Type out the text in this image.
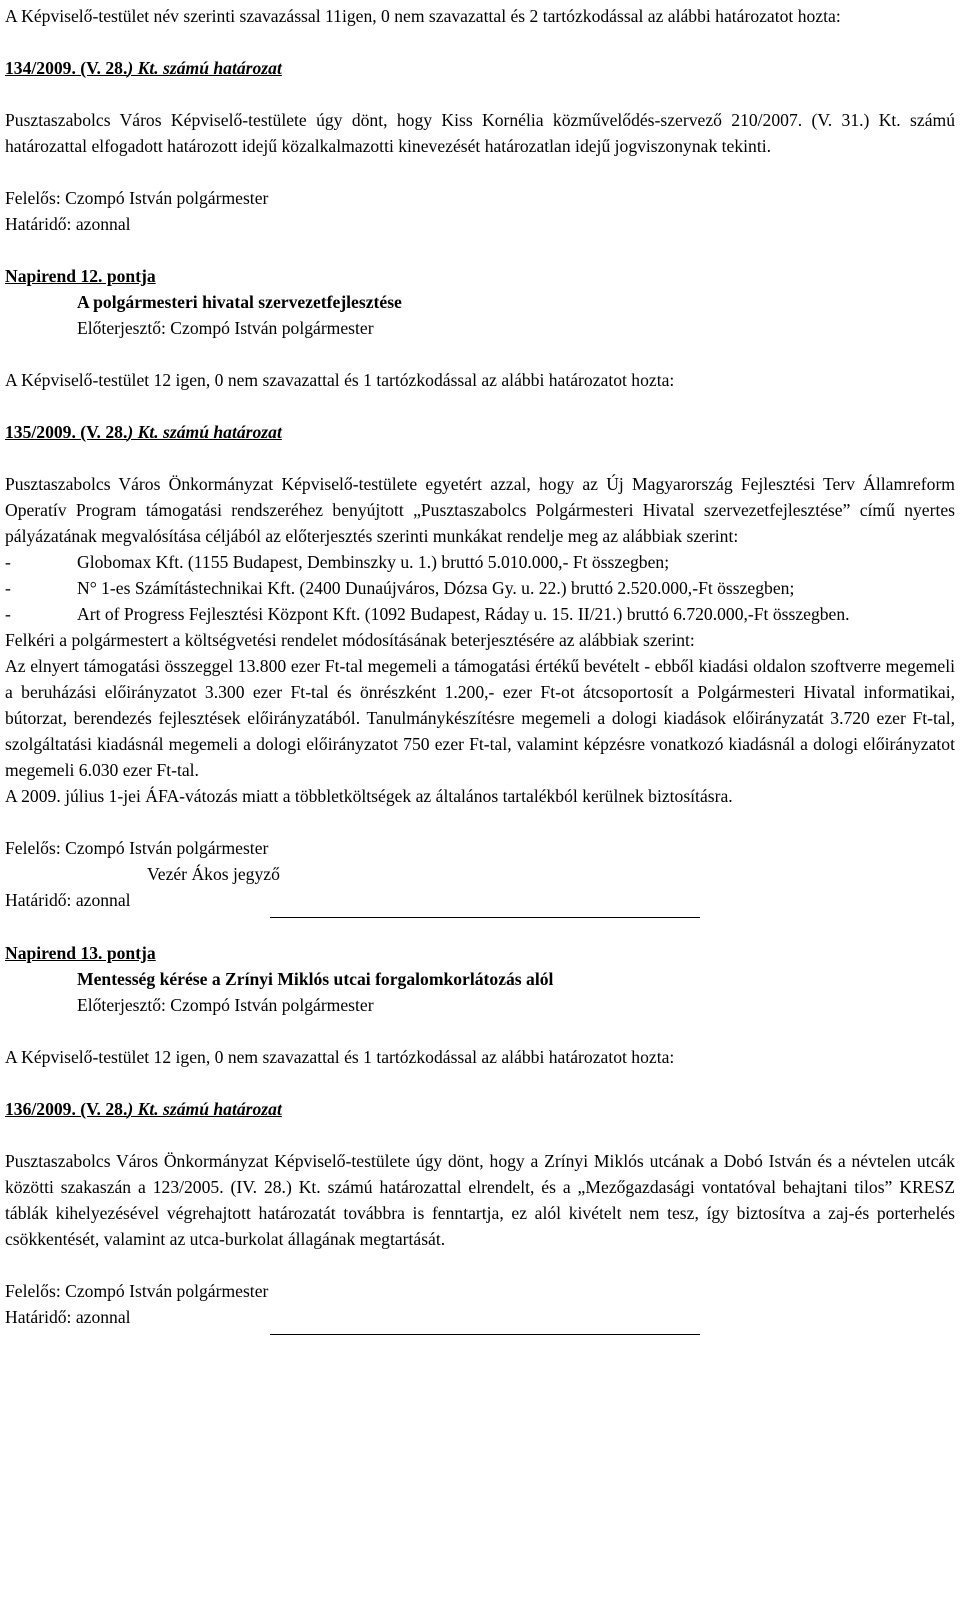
A Képviselő-testület név szerinti szavazással 11igen, 0 nem szavazattal és 2 tartózkodással az alábbi határozatot hozta:

134/2009. (V. 28.) Kt. számú határozat

Pusztaszabolcs Város Képviselő-testülete úgy dönt, hogy Kiss Kornélia közművelődés-szervező 210/2007. (V. 31.) Kt. számú határozattal elfogadott határozott idejű közalkalmazotti kinevezését határozatlan idejű jogviszonynak tekinti.

Felelős: Czompó István polgármester

Határidő: azonnal

Napirend 12. pontja

A polgármesteri hivatal szervezetfejlesztése

Előterjesztő: Czompó István polgármester

A Képviselő-testület 12 igen, 0 nem szavazattal és 1 tartózkodással az alábbi határozatot hozta:

135/2009. (V. 28.) Kt. számú határozat

Pusztaszabolcs Város Önkormányzat Képviselő-testülete egyetért azzal, hogy az Új Magyarország Fejlesztési Terv Államreform Operatív Program támogatási rendszeréhez benyújtott „Pusztaszabolcs Polgármesteri Hivatal szervezetfejlesztése” című nyertes pályázatának megvalósítása céljából az előterjesztés szerinti munkákat rendelje meg az alábbiak szerint:

-	Globomax Kft. (1155 Budapest, Dembinszky u. 1.) bruttó 5.010.000,- Ft összegben;
-	N° 1-es Számítástechnikai Kft. (2400 Dunaújváros, Dózsa Gy. u. 22.) bruttó 2.520.000,-Ft összegben;
-	Art of Progress Fejlesztési Központ Kft. (1092 Budapest, Ráday u. 15. II/21.) bruttó 6.720.000,-Ft összegben.

Felkéri a polgármestert a költségvetési rendelet módosításának beterjesztésére az alábbiak szerint:

Az elnyert támogatási összeggel 13.800 ezer Ft-tal megemeli a támogatási értékű bevételt - ebből kiadási oldalon szoftverre megemeli a beruházási előirányzatot 3.300 ezer Ft-tal és önrészként 1.200,- ezer Ft-ot átcsoportosít a Polgármesteri Hivatal informatikai, bútorzat, berendezés fejlesztések előirányzatából. Tanulmánykészítésre megemeli a dologi kiadások előirányzatát 3.720 ezer Ft-tal, szolgáltatási kiadásnál megemeli a dologi előirányzatot 750 ezer Ft-tal, valamint képzésre vonatkozó kiadásnál a dologi előirányzatot megemeli 6.030 ezer Ft-tal.

A 2009. július 1-jei ÁFA-vátozás miatt a többletköltségek az általános tartalékból kerülnek biztosításra.

Felelős: Czompó István polgármester

Vezér Ákos jegyző

Határidő: azonnal

Napirend 13. pontja

Mentesség kérése a Zrínyi Miklós utcai forgalomkorlátozás alól

Előterjesztő: Czompó István polgármester

A Képviselő-testület 12 igen, 0 nem szavazattal és 1 tartózkodással az alábbi határozatot hozta:

136/2009. (V. 28.) Kt. számú határozat

Pusztaszabolcs Város Önkormányzat Képviselő-testülete úgy dönt, hogy a Zrínyi Miklós utcának a Dobó István és a névtelen utcák közötti szakaszán a 123/2005. (IV. 28.) Kt. számú határozattal elrendelt, és a „Mezőgazdasági vontatóval behajtani tilos” KRESZ táblák kihelyezésével végrehajtott határozatát továbbra is fenntartja, ez alól kivételt nem tesz, így biztosítva a zaj-és porterhelés csökkentését, valamint az utca-burkolat állagának megtartását.

Felelős: Czompó István polgármester

Határidő: azonnal
